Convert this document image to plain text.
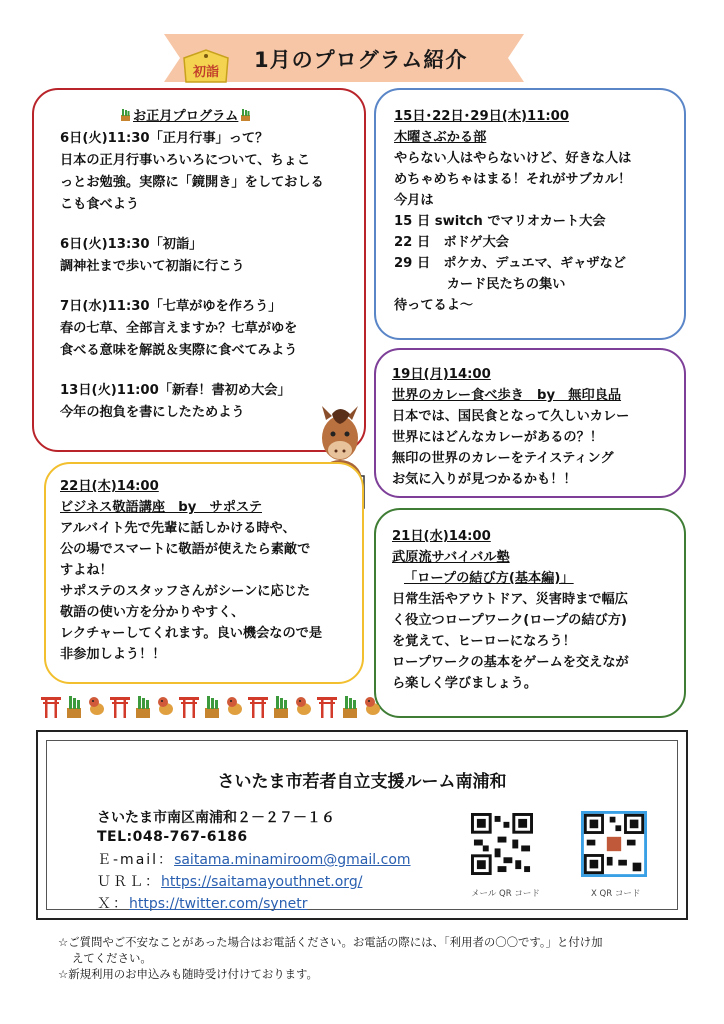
1月のプログラム紹介
初詣
お正月プログラム
6日(火)11:30「正月行事」って？
日本の正月行事いろいろについて、ちょこ
っとお勉強。実際に「鏡開き」をしておしる
こも食べよう
6日(火)13:30「初詣」
調神社まで歩いて初詣に行こう
7日(水)11:30「七草がゆを作ろう」
春の七草、全部言えますか？七草がゆを
食べる意味を解説＆実際に食べてみよう
13日(火)11:00「新春！書初め大会」
今年の抱負を書にしたためよう
15日･22日･29日(木)11:00
木曜さぶかる部
やらない人はやらないけど、好きな人は
めちゃめちゃはまる！それがサブカル！
今月は
15 日 switch でマリオカート大会
22 日　ボドゲ大会
29 日　ポケカ、デュエマ、ギャザなど
　　　　カード民たちの集い
待ってるよ～
19日(月)14:00
世界のカレー食べ歩き　by　無印良品
日本では、国民食となって久しいカレー
世界にはどんなカレーがあるの？！
無印の世界のカレーをテイスティング
お気に入りが見つかるかも！！
22日(木)14:00
ビジネス敬語講座　by　サポステ
アルバイト先で先輩に話しかける時や、
公の場でスマートに敬語が使えたら素敵で
すよね！
サポステのスタッフさんがシーンに応じた
敬語の使い方を分かりやすく、
レクチャーしてくれます。良い機会なので是
非参加しよう！！
21日(水)14:00
武原流サバイバル塾
「ロープの結び方(基本編)」
日常生活やアウトドア、災害時まで幅広
く役立つロープワーク(ロープの結び方)
を覚えて、ヒーローになろう！
ロープワークの基本をゲームを交えなが
ら楽しく学びましょう。
さいたま市若者自立支援ルーム南浦和
さいたま市南区南浦和２－２７－１６
TEL:048-767-6186
Ｅ-mail：saitama.minamiroom@gmail.com
ＵＲＬ：https://saitamayouthnet.org/
Ｘ：https://twitter.com/synetr
メール QR コード	X QR コード
☆ご質問やご不安なことがあった場合はお電話ください。お電話の際には、「利用者の〇〇です。」と付け加
えてください。
☆新規利用のお申込みも随時受け付けております。
